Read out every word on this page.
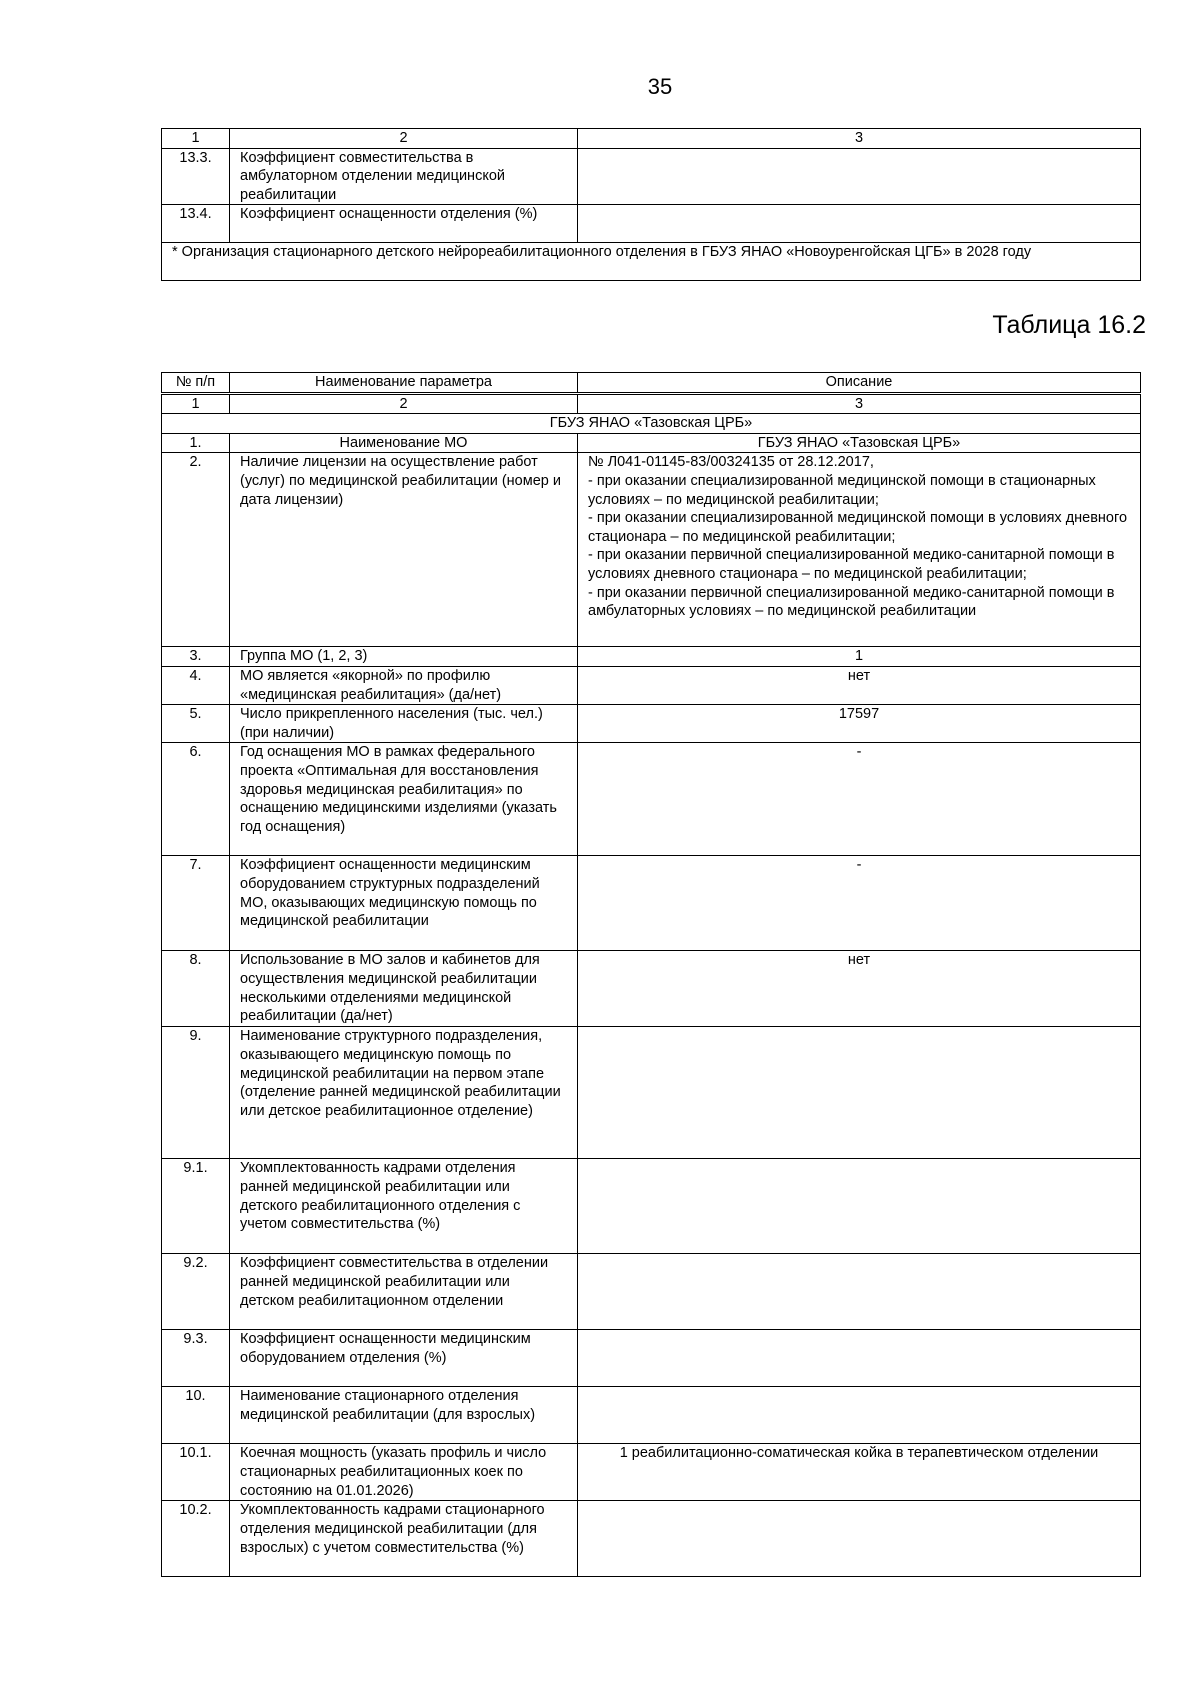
35
1	2	3
13.3.	Коэффициент совместительства в амбулаторном отделении медицинской реабилитации	
13.4.	Коэффициент оснащенности отделения (%)	
* Организация стационарного детского нейрореабилитационного отделения в ГБУЗ ЯНАО «Новоуренгойская ЦГБ» в 2028 году		
Таблица 16.2
№ п/п	Наименование параметра	Описание
1	2	3
ГБУЗ ЯНАО «Тазовская ЦРБ»		
1.	Наименование МО	ГБУЗ ЯНАО «Тазовская ЦРБ»
2.	Наличие лицензии на осуществление работ (услуг) по медицинской реабилитации (номер и дата лицензии)	№ Л041-01145-83/00324135 от 28.12.2017,
- при оказании специализированной медицинской помощи в стационарных условиях – по медицинской реабилитации;
- при оказании специализированной медицинской помощи в условиях дневного стационара – по медицинской реабилитации;
- при оказании первичной специализированной медико-санитарной помощи в условиях дневного стационара – по медицинской реабилитации;
- при оказании первичной специализированной медико-санитарной помощи в амбулаторных условиях – по медицинской реабилитации

3.	Группа МО (1, 2, 3)	1
4.	МО является «якорной» по профилю «медицинская реабилитация» (да/нет)	нет
5.	Число прикрепленного населения (тыс. чел.) (при наличии)	17597
6.	Год оснащения МО в рамках федерального проекта «Оптимальная для восстановления здоровья медицинская реабилитация» по оснащению медицинскими изделиями (указать год оснащения)	-
7.	Коэффициент оснащенности медицинским оборудованием структурных подразделений МО, оказывающих медицинскую помощь по медицинской реабилитации	-
8.	Использование в МО залов и кабинетов для осуществления медицинской реабилитации несколькими отделениями медицинской реабилитации (да/нет)	нет
9.	Наименование структурного подразделения, оказывающего медицинскую помощь по медицинской реабилитации на первом этапе (отделение ранней медицинской реабилитации или детское реабилитационное отделение)	
9.1.	Укомплектованность кадрами отделения ранней медицинской реабилитации или детского реабилитационного отделения с учетом совместительства (%)	
9.2.	Коэффициент совместительства в отделении ранней медицинской реабилитации или детском реабилитационном отделении	
9.3.	Коэффициент оснащенности медицинским оборудованием отделения (%)	
10.	Наименование стационарного отделения медицинской реабилитации (для взрослых)	
10.1.	Коечная мощность (указать профиль и число стационарных реабилитационных коек по состоянию на 01.01.2026)	1 реабилитационно-соматическая койка в терапевтическом отделении
10.2.	Укомплектованность кадрами стационарного отделения медицинской реабилитации (для взрослых) с учетом совместительства (%)	
